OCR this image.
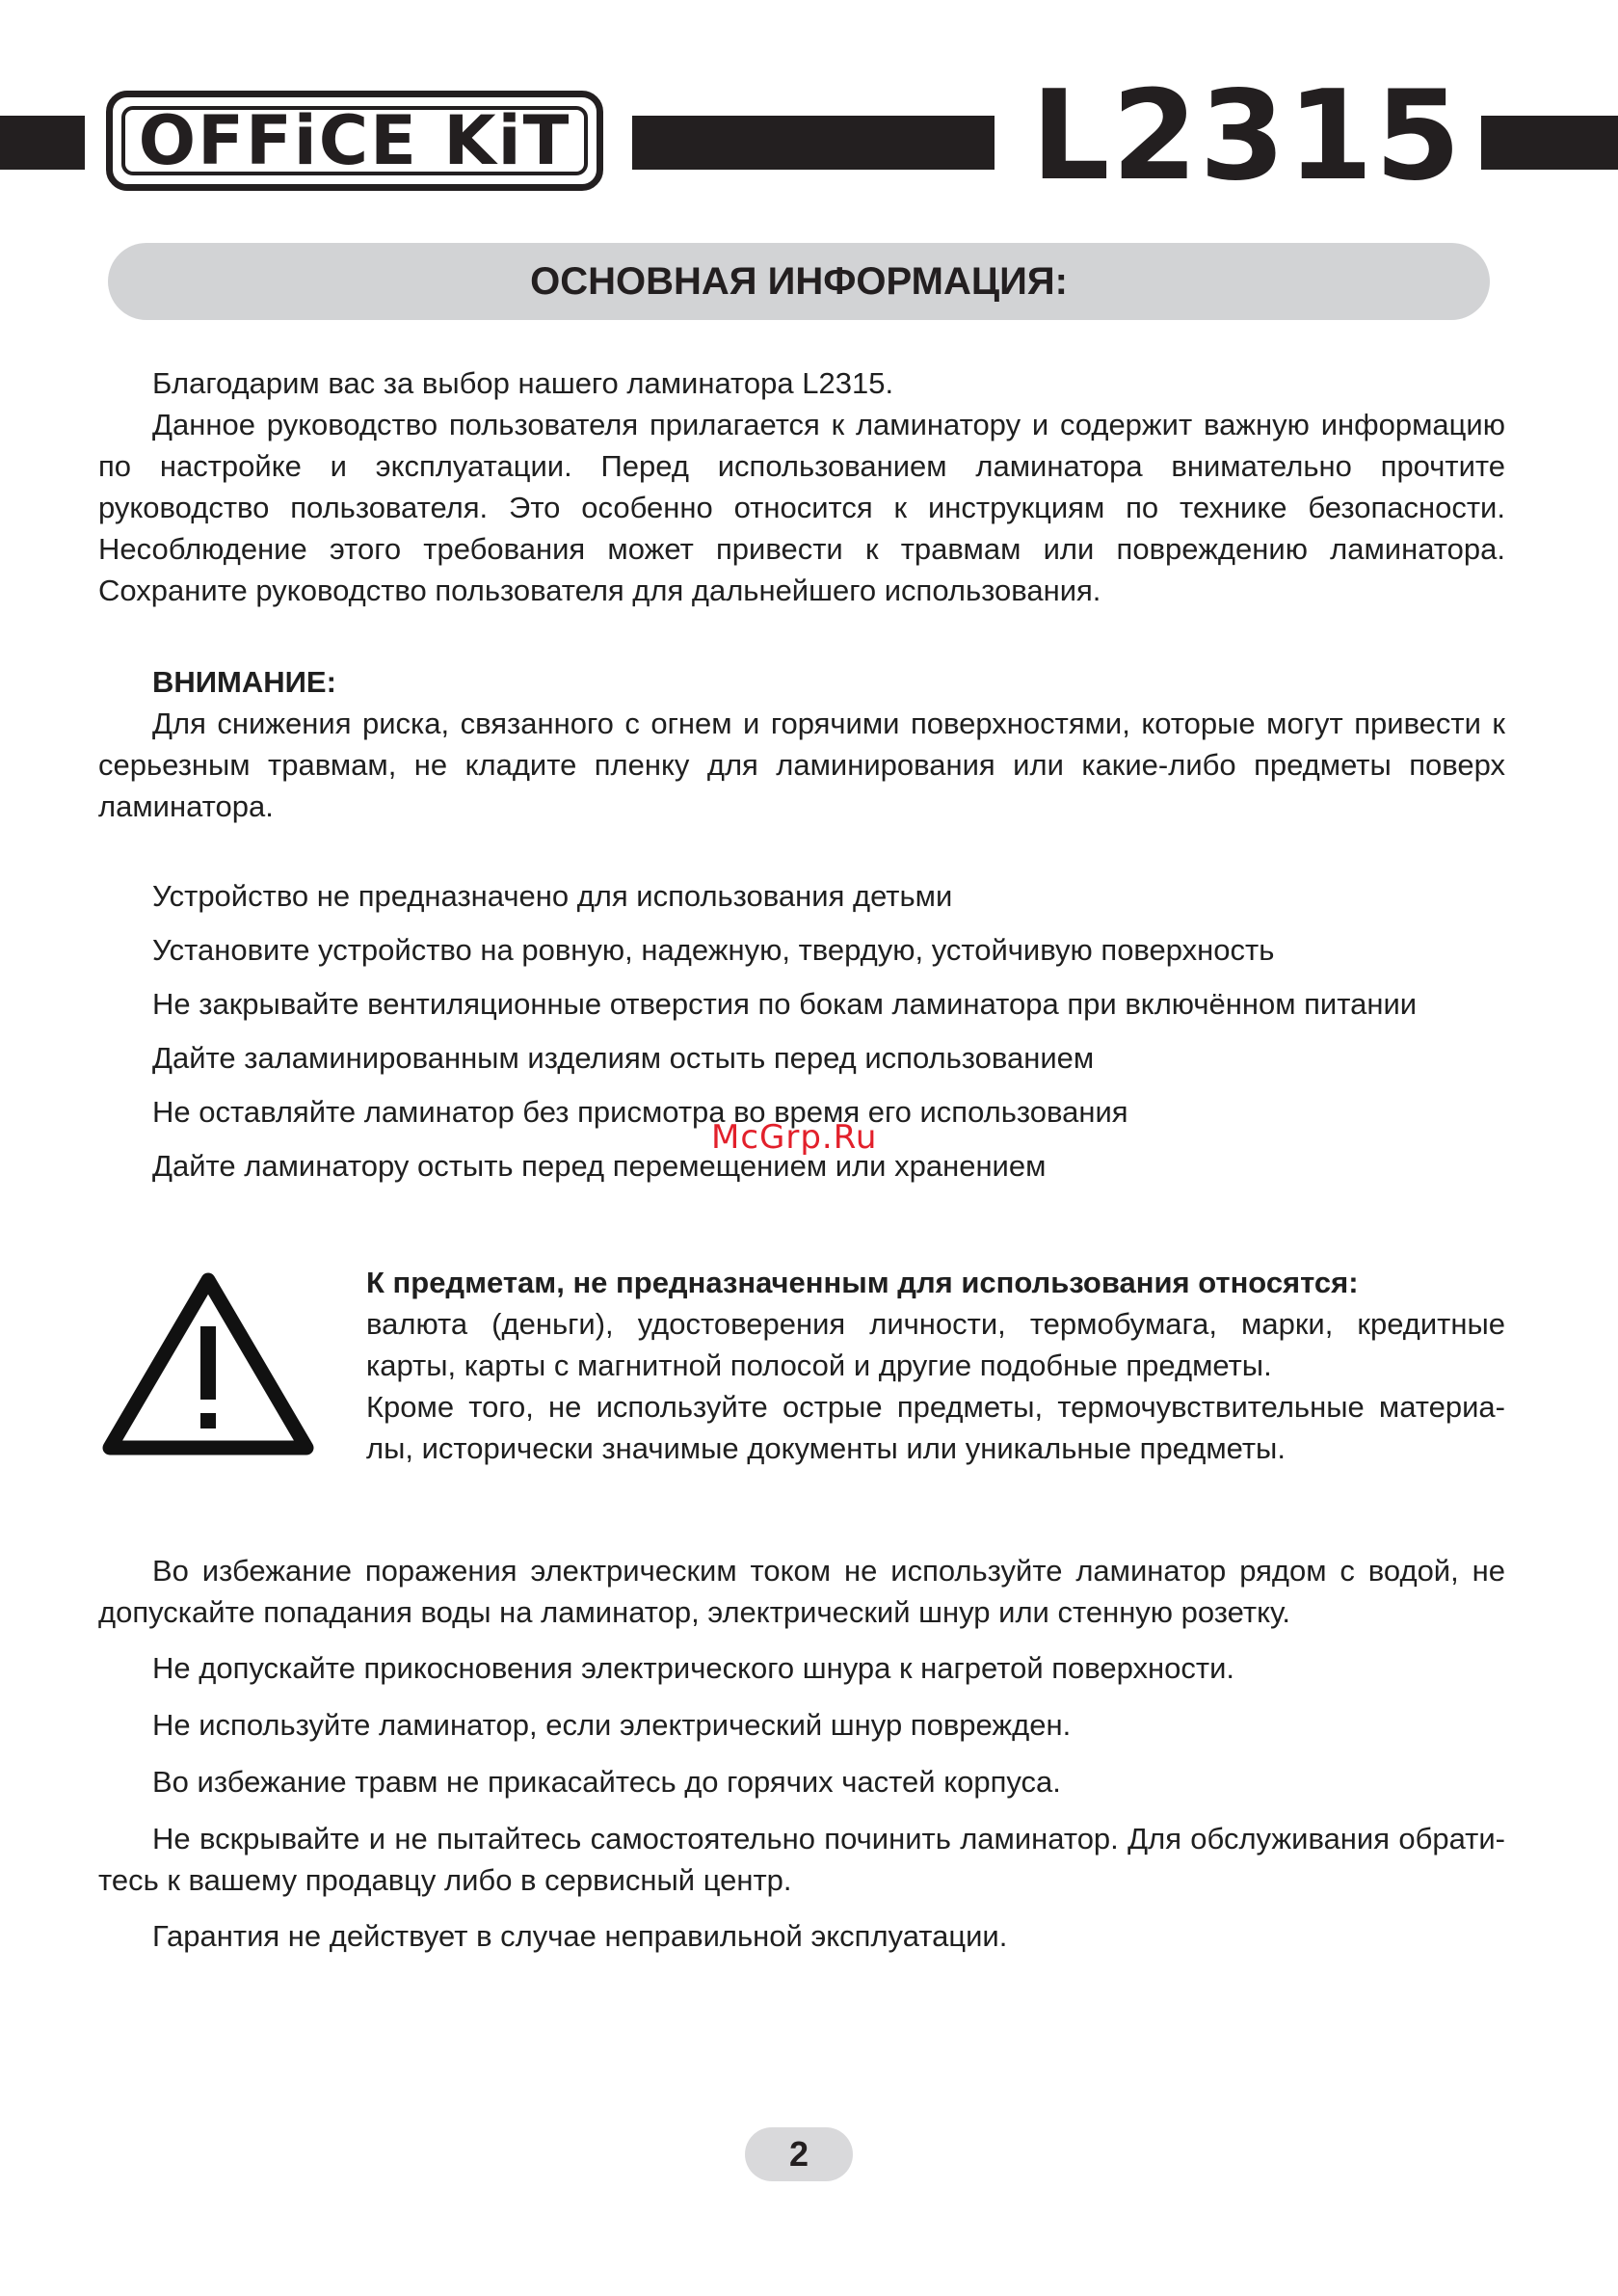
OFFiCE KiT	L2315
ОСНОВНАЯ ИНФОРМАЦИЯ:
Благодарим вас за выбор нашего ламинатора L2315.
Данное руководство пользователя прилагается к ламинатору и содержит важную информацию по настройке и эксплуатации. Перед использованием ламинатора внимательно прочтите руководство пользователя. Это особенно относится к инструкциям по технике безопасности. Несоблюдение этого требования может привести к травмам или повреждению ламинатора. Сохраните руководство пользователя для дальнейшего использования.
ВНИМАНИЕ:
Для снижения риска, связанного с огнем и горячими поверхностями, которые могут привести к серьезным травмам, не кладите пленку для ламинирования или какие-либо предметы поверх ламинатора.
Устройство не предназначено для использования детьми
Установите устройство на ровную, надежную, твердую, устойчивую поверхность
Не закрывайте вентиляционные отверстия по бокам ламинатора при включённом питании
Дайте заламинированным изделиям остыть перед использованием
Не оставляйте ламинатор без присмотра во время его использования
Дайте ламинатору остыть перед перемещением или хранением
McGrp.Ru
К предметам, не предназначенным для использования относятся:
валюта (деньги), удостоверения личности, термобумага, марки, кредитные карты, карты с магнитной полосой и другие подобные предметы.
Кроме того, не используйте острые предметы, термочувствительные материа-лы, исторически значимые документы или уникальные предметы.
Во избежание поражения электрическим током не используйте ламинатор рядом с водой, не допускайте попадания воды на ламинатор, электрический шнур или стенную розетку.
Не допускайте прикосновения электрического шнура к нагретой поверхности.
Не используйте ламинатор, если электрический шнур поврежден.
Во избежание травм не прикасайтесь до горячих частей корпуса.
Не вскрывайте и не пытайтесь самостоятельно починить ламинатор. Для обслуживания обрати-тесь к вашему продавцу либо в сервисный центр.
Гарантия не действует в случае неправильной эксплуатации.
2
